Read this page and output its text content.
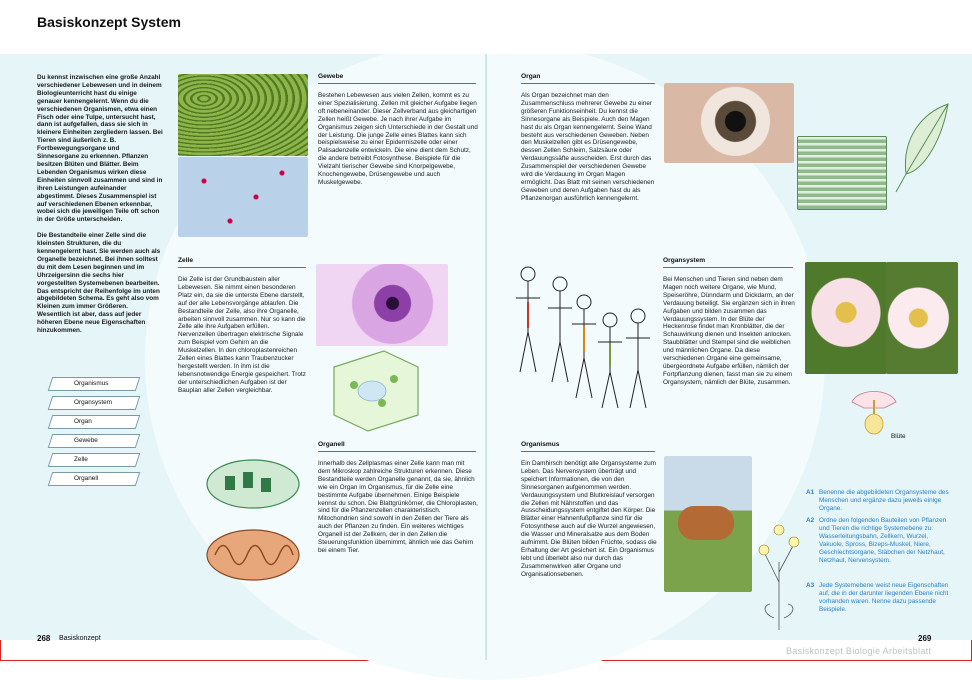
Basiskonzept System
Du kennst inzwischen eine große Anzahl verschiedener Lebewesen und in deinem Biologieunterricht hast du einige genauer kennengelernt. Wenn du die verschiedenen Organismen, etwa einen Fisch oder eine Tulpe, untersucht hast, dann ist aufgefallen, dass sie sich in kleinere Einheiten zergliedern lassen. Bei Tieren sind äußerlich z. B. Fortbewegungsorgane und Sinnesorgane zu erkennen. Pflanzen besitzen Blüten und Blätter. Beim Lebenden Organismus wirken diese Einheiten sinnvoll zusammen und sind in ihren Leistungen aufeinander abgestimmt. Dieses Zusammenspiel ist auf verschiedenen Ebenen erkennbar, wobei sich die jeweiligen Teile oft schon in der Größe unterscheiden.
Die Bestandteile einer Zelle sind die kleinsten Strukturen, die du kennengelernt hast. Sie werden auch als Organelle bezeichnet. Bei ihnen solltest du mit dem Lesen beginnen und im Uhrzeigersinn die sechs hier vorgestellten Systemebenen bearbeiten. Das entspricht der Reihenfolge im unten abgebildeten Schema. Es geht also vom Kleinen zum immer Größeren. Wesentlich ist aber, dass auf jeder höheren Ebene neue Eigenschaften hinzukommen.
Organismus
Organsystem
Organ
Gewebe
Zelle
Organell
Gewebe
Bestehen Lebewesen aus vielen Zellen, kommt es zu einer Spezialisierung. Zellen mit gleicher Aufgabe liegen oft nebeneinander. Dieser Zellverband aus gleichartigen Zellen heißt Gewebe. Je nach ihrer Aufgabe im Organismus zeigen sich Unterschiede in der Gestalt und der Leistung. Die junge Zelle eines Blattes kann sich beispielsweise zu einer Epidermiszelle oder einer Palisadenzelle entwickeln. Die eine dient dem Schutz, die andere betreibt Fotosynthese. Beispiele für die Vielzahl tierischer Gewebe sind Knorpelgewebe, Knochengewebe, Drüsengewebe und auch Muskelgewebe.
Organ
Als Organ bezeichnet man den Zusammenschluss mehrerer Gewebe zu einer größeren Funktionseinheit. Du kennst die Sinnesorgane als Beispiele. Auch den Magen hast du als Organ kennengelernt. Seine Wand besteht aus verschiedenen Geweben. Neben den Muskelzellen gibt es Drüsengewebe, dessen Zellen Schleim, Salzsäure oder Verdauungssäfte ausscheiden. Erst durch das Zusammenspiel der verschiedenen Gewebe wird die Verdauung im Organ Magen ermöglicht. Das Blatt mit seinen verschiedenen Geweben und deren Aufgaben hast du als Pflanzenorgan ausführlich kennengelernt.
Zelle
Die Zelle ist der Grundbaustein aller Lebewesen. Sie nimmt einen besonderen Platz ein, da sie die unterste Ebene darstellt, auf der alle Lebensvorgänge ablaufen. Die Bestandteile der Zelle, also ihre Organelle, arbeiten sinnvoll zusammen. Nur so kann die Zelle alle ihre Aufgaben erfüllen. Nervenzellen übertragen elektrische Signale zum Beispiel vom Gehirn an die Muskelzellen. In den chloroplastenreichen Zellen eines Blattes kann Traubenzucker hergestellt werden. In ihm ist die lebensnotwendige Energie gespeichert. Trotz der unterschiedlichen Aufgaben ist der Bauplan aller Zellen vergleichbar.
Organsystem
Bei Menschen und Tieren sind neben dem Magen noch weitere Organe, wie Mund, Speiseröhre, Dünndarm und Dickdarm, an der Verdauung beteiligt. Sie ergänzen sich in ihren Aufgaben und bilden zusammen das Verdauungssystem. In der Blüte der Heckenrose findet man Kronblätter, die der Schauwirkung dienen und Insekten anlocken. Staubblätter und Stempel sind die weiblichen und männlichen Organe. Da diese verschiedenen Organe eine gemeinsame, übergeordnete Aufgabe erfüllen, nämlich der Fortpflanzung dienen, fasst man sie zu einem Organsystem, nämlich der Blüte, zusammen.
Blüte
Organell
Innerhalb des Zellplasmas einer Zelle kann man mit dem Mikroskop zahlreiche Strukturen erkennen. Diese Bestandteile werden Organelle genannt, da sie, ähnlich wie ein Organ im Organismus, für die Zelle eine bestimmte Aufgabe übernehmen. Einige Beispiele kennst du schon. Die Blattgrünkörner, die Chloroplasten, sind für die Pflanzenzellen charakteristisch. Mitochondrien sind sowohl in den Zellen der Tiere als auch der Pflanzen zu finden. Ein weiteres wichtiges Organell ist der Zellkern, der in den Zellen die Steuerungsfunktion übernimmt, ähnlich wie das Gehirn bei einem Tier.
Organismus
Ein Damhirsch benötigt alle Organsysteme zum Leben. Das Nervensystem überträgt und speichert Informationen, die von den Sinnesorganen aufgenommen werden. Verdauungssystem und Blutkreislauf versorgen die Zellen mit Nährstoffen und das Ausscheidungssystem entgiftet den Körper. Die Blätter einer Hahnenfußpflanze sind für die Fotosynthese auch auf die Wurzel angewiesen, die Wasser und Mineralsalze aus dem Boden aufnimmt. Die Blüten bilden Früchte, sodass die Erhaltung der Art gesichert ist. Ein Organismus lebt und überlebt also nur durch das Zusammenwirken aller Organe und Organisationsebenen.
A1 Benenne die abgebildeten Organsysteme des Menschen und ergänze dazu jeweils einige Organe.
A2 Ordne den folgenden Bauteilen von Pflanzen und Tieren die richtige Systemebene zu: Wasserleitungsbahn, Zellkern, Wurzel, Vakuole, Spross, Bizeps-Muskel, Niere, Geschlechtsorgane, Stäbchen der Netzhaut, Netzhaut, Nervensystem.
A3 Jede Systemebene weist neue Eigenschaften auf, die in der darunter liegenden Ebene nicht vorhanden waren. Nenne dazu passende Beispiele.
268 Basiskonzept	269
Basiskonzept Biologie Arbeitsblatt
